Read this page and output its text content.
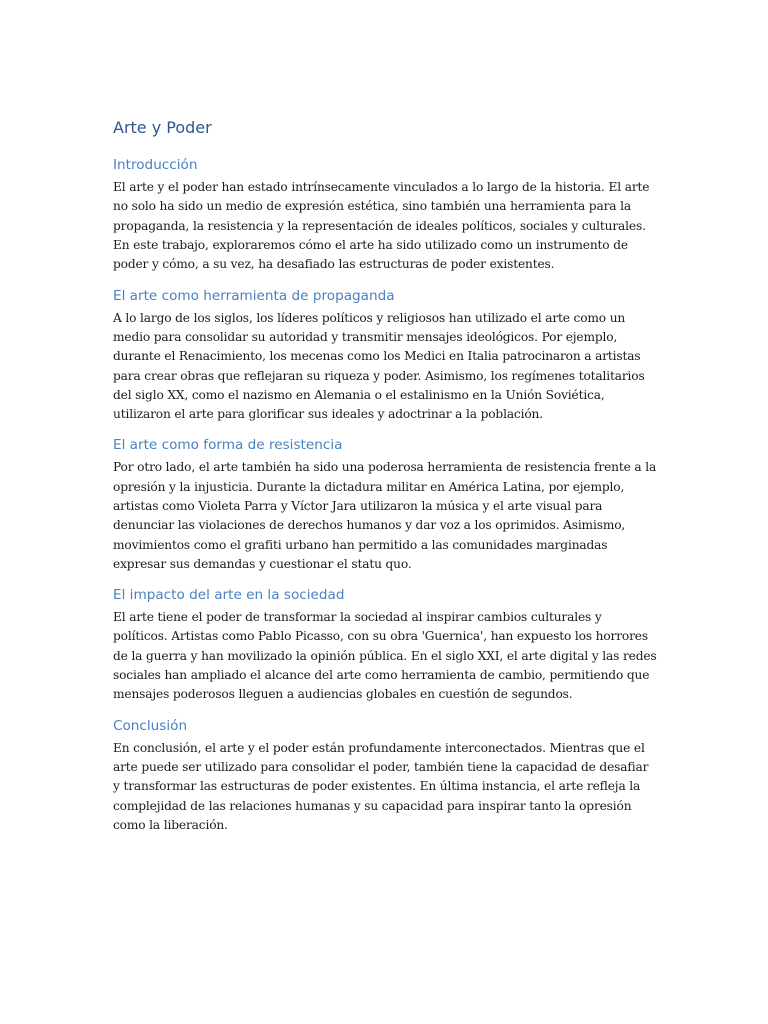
Arte y Poder
Introducción

El arte y el poder han estado intrínsecamente vinculados a lo largo de la historia. El arte no solo ha sido un medio de expresión estética, sino también una herramienta para la propaganda, la resistencia y la representación de ideales políticos, sociales y culturales. En este trabajo, exploraremos cómo el arte ha sido utilizado como un instrumento de poder y cómo, a su vez, ha desafiado las estructuras de poder existentes.

El arte como herramienta de propaganda

A lo largo de los siglos, los líderes políticos y religiosos han utilizado el arte como un medio para consolidar su autoridad y transmitir mensajes ideológicos. Por ejemplo, durante el Renacimiento, los mecenas como los Medici en Italia patrocinaron a artistas para crear obras que reflejaran su riqueza y poder. Asimismo, los regímenes totalitarios del siglo XX, como el nazismo en Alemania o el estalinismo en la Unión Soviética, utilizaron el arte para glorificar sus ideales y adoctrinar a la población.

El arte como forma de resistencia

Por otro lado, el arte también ha sido una poderosa herramienta de resistencia frente a la opresión y la injusticia. Durante la dictadura militar en América Latina, por ejemplo, artistas como Violeta Parra y Víctor Jara utilizaron la música y el arte visual para denunciar las violaciones de derechos humanos y dar voz a los oprimidos. Asimismo, movimientos como el grafiti urbano han permitido a las comunidades marginadas expresar sus demandas y cuestionar el statu quo.

El impacto del arte en la sociedad

El arte tiene el poder de transformar la sociedad al inspirar cambios culturales y políticos. Artistas como Pablo Picasso, con su obra 'Guernica', han expuesto los horrores de la guerra y han movilizado la opinión pública. En el siglo XXI, el arte digital y las redes sociales han ampliado el alcance del arte como herramienta de cambio, permitiendo que mensajes poderosos lleguen a audiencias globales en cuestión de segundos.

Conclusión

En conclusión, el arte y el poder están profundamente interconectados. Mientras que el arte puede ser utilizado para consolidar el poder, también tiene la capacidad de desafiar y transformar las estructuras de poder existentes. En última instancia, el arte refleja la complejidad de las relaciones humanas y su capacidad para inspirar tanto la opresión como la liberación.
